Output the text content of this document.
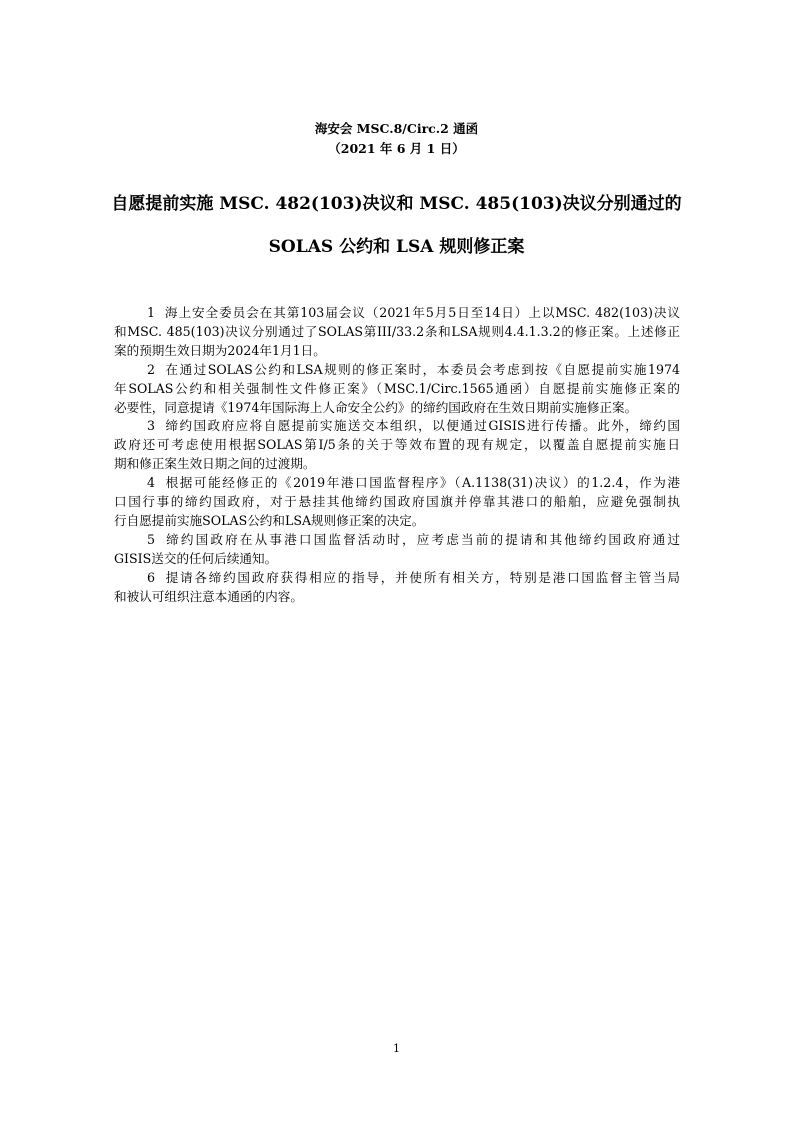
海安会 MSC.8/Circ.2 通函
（2021 年 6 月 1 日）
自愿提前实施 MSC. 482(103)决议和 MSC. 485(103)决议分别通过的
SOLAS 公约和 LSA 规则修正案
1 海上安全委员会在其第103届会议（2021年5月5日至14日）上以MSC. 482(103)决议
和MSC. 485(103)决议分别通过了SOLAS第III/33.2条和LSA规则4.4.1.3.2的修正案。上述修正
案的预期生效日期为2024年1月1日。
2 在通过SOLAS公约和LSA规则的修正案时，本委员会考虑到按《自愿提前实施1974
年SOLAS公约和相关强制性文件修正案》（MSC.1/Circ.1565通函）自愿提前实施修正案的
必要性，同意提请《1974年国际海上人命安全公约》的缔约国政府在生效日期前实施修正案。
3 缔约国政府应将自愿提前实施送交本组织，以便通过GISIS进行传播。此外，缔约国
政府还可考虑使用根据SOLAS第I/5条的关于等效布置的现有规定，以覆盖自愿提前实施日
期和修正案生效日期之间的过渡期。
4 根据可能经修正的《2019年港口国监督程序》（A.1138(31)决议）的1.2.4，作为港
口国行事的缔约国政府，对于悬挂其他缔约国政府国旗并停靠其港口的船舶，应避免强制执
行自愿提前实施SOLAS公约和LSA规则修正案的决定。
5 缔约国政府在从事港口国监督活动时，应考虑当前的提请和其他缔约国政府通过
GISIS送交的任何后续通知。
6 提请各缔约国政府获得相应的指导，并使所有相关方，特别是港口国监督主管当局
和被认可组织注意本通函的内容。
1
